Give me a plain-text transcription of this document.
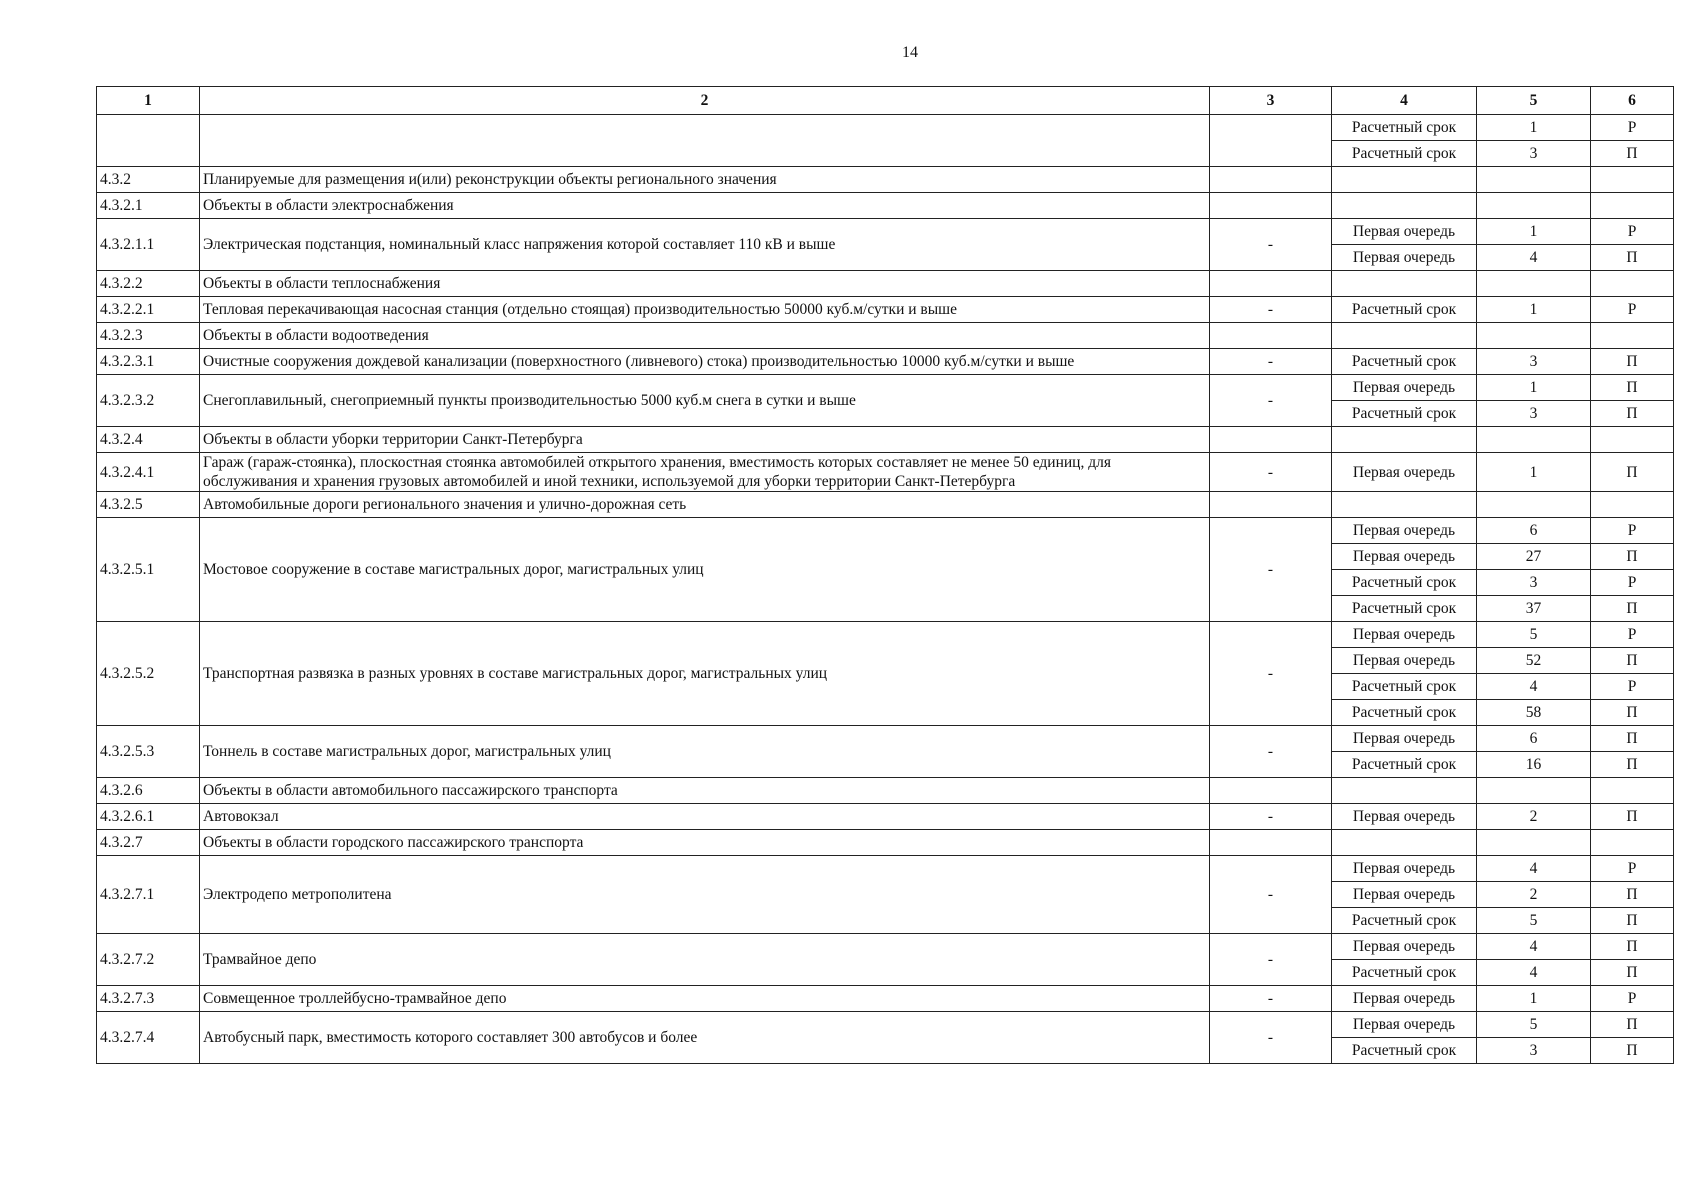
14
1	2	3	4	5	6
			Расчетный срок	1	Р
			Расчетный срок	3	П
4.3.2	Планируемые для размещения и(или) реконструкции объекты регионального значения				
4.3.2.1	Объекты в области электроснабжения				
4.3.2.1.1	Электрическая подстанция, номинальный класс напряжения которой составляет 110 кВ и выше	-	Первая очередь	1	Р
			Первая очередь	4	П
4.3.2.2	Объекты в области теплоснабжения				
4.3.2.2.1	Тепловая перекачивающая насосная станция (отдельно стоящая) производительностью 50000 куб.м/сутки и выше	-	Расчетный срок	1	Р
4.3.2.3	Объекты в области водоотведения				
4.3.2.3.1	Очистные сооружения дождевой канализации (поверхностного (ливневого) стока) производительностью 10000 куб.м/сутки и выше	-	Расчетный срок	3	П
4.3.2.3.2	Снегоплавильный, снегоприемный пункты производительностью 5000 куб.м снега в сутки и выше	-	Первая очередь	1	П
			Расчетный срок	3	П
4.3.2.4	Объекты в области уборки территории Санкт-Петербурга				
4.3.2.4.1	Гараж (гараж-стоянка), плоскостная стоянка автомобилей открытого хранения, вместимость которых составляет не менее 50 единиц, для обслуживания и хранения грузовых автомобилей и иной техники, используемой для уборки территории Санкт-Петербурга	-	Первая очередь	1	П
4.3.2.5	Автомобильные дороги регионального значения и улично-дорожная сеть				
4.3.2.5.1	Мостовое сооружение в составе магистральных дорог, магистральных улиц	-	Первая очередь	6	Р
			Первая очередь	27	П
			Расчетный срок	3	Р
			Расчетный срок	37	П
4.3.2.5.2	Транспортная развязка в разных уровнях в составе магистральных дорог, магистральных улиц	-	Первая очередь	5	Р
			Первая очередь	52	П
			Расчетный срок	4	Р
			Расчетный срок	58	П
4.3.2.5.3	Тоннель в составе магистральных дорог, магистральных улиц	-	Первая очередь	6	П
			Расчетный срок	16	П
4.3.2.6	Объекты в области автомобильного пассажирского транспорта				
4.3.2.6.1	Автовокзал	-	Первая очередь	2	П
4.3.2.7	Объекты в области городского пассажирского транспорта				
4.3.2.7.1	Электродепо метрополитена	-	Первая очередь	4	Р
			Первая очередь	2	П
			Расчетный срок	5	П
4.3.2.7.2	Трамвайное депо	-	Первая очередь	4	П
			Расчетный срок	4	П
4.3.2.7.3	Совмещенное троллейбусно-трамвайное депо	-	Первая очередь	1	Р
4.3.2.7.4	Автобусный парк, вместимость которого составляет 300 автобусов и более	-	Первая очередь	5	П
			Расчетный срок	3	П
